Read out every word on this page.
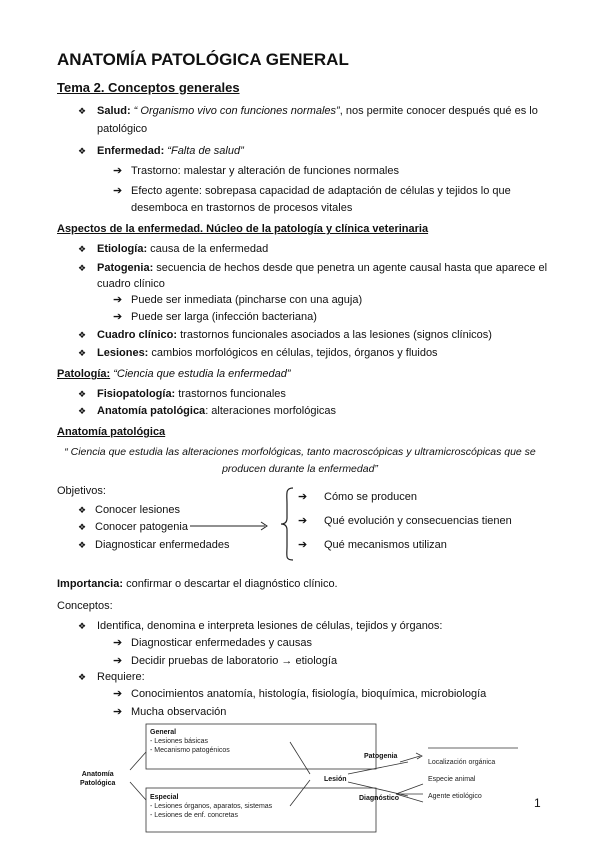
ANATOMÍA PATOLÓGICA GENERAL
Tema 2. Conceptos generales
❖ Salud: “ Organismo vivo con funciones normales”, nos permite conocer después qué es lo
patológico
❖ Enfermedad: “Falta de salud”
➔ Trastorno: malestar y alteración de funciones normales
➔ Efecto agente: sobrepasa capacidad de adaptación de células y tejidos lo que
desemboca en trastornos de procesos vitales
Aspectos de la enfermedad. Núcleo de la patología y clínica veterinaria
❖ Etiología: causa de la enfermedad
❖ Patogenia: secuencia de hechos desde que penetra un agente causal hasta que aparece el
cuadro clínico
➔ Puede ser inmediata (pincharse con una aguja)
➔ Puede ser larga (infección bacteriana)
❖ Cuadro clínico: trastornos funcionales asociados a las lesiones (signos clínicos)
❖ Lesiones: cambios morfológicos en células, tejidos, órganos y fluidos
Patología: “Ciencia que estudia la enfermedad”
❖ Fisiopatología: trastornos funcionales
❖ Anatomía patológica: alteraciones morfológicas
Anatomía patológica
“ Ciencia que estudia las alteraciones morfológicas, tanto macroscópicas y ultramicroscópicas que se
producen durante la enfermedad”
Objetivos:
❖ Conocer lesiones
❖ Conocer patogenia
❖ Diagnosticar enfermedades
➔ Cómo se producen
➔ Qué evolución y consecuencias tienen
➔ Qué mecanismos utilizan
Importancia: confirmar o descartar el diagnóstico clínico.
Conceptos:
❖ Identifica, denomina e interpreta lesiones de células, tejidos y órganos:
➔ Diagnosticar enfermedades y causas
➔ Decidir pruebas de laboratorio → etiología
❖ Requiere:
➔ Conocimientos anatomía, histología, fisiología, bioquímica, microbiología
➔ Mucha observación
Anatomía
Patológica
General
- Lesiones básicas
- Mecanismo patogénicos
Especial
- Lesiones órganos, aparatos, sistemas
- Lesiones de enf. concretas
Lesión
Patogenia
Diagnóstico
Localización orgánica
Especie animal
Agente etiológico	1
